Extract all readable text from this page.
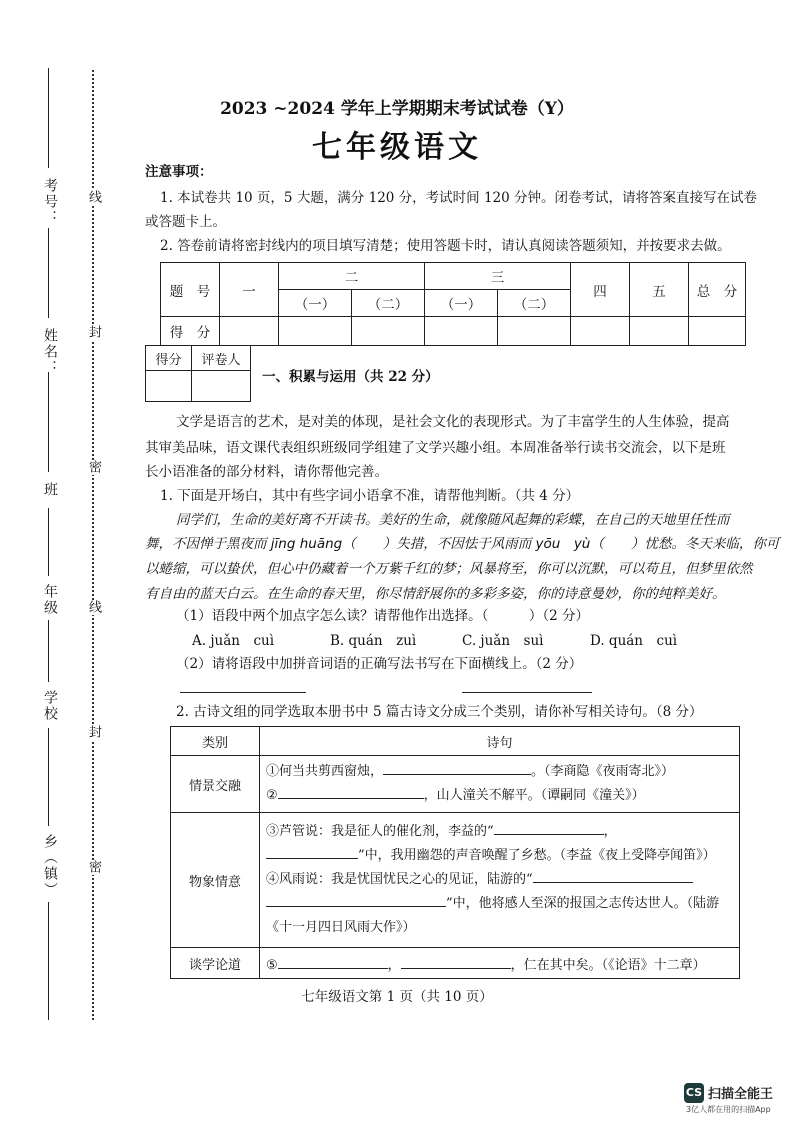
考号：
姓名：
班
年级
学校
乡（镇）
线
封
密
线
封
密
2023 ~2024 学年上学期期末考试试卷（Y）
七年级语文
注意事项：
1. 本试卷共 10 页，5 大题，满分 120 分，考试时间 120 分钟。闭卷考试，请将答案直接写在试卷
或答题卡上。
2. 答卷前请将密封线内的项目填写清楚；使用答题卡时，请认真阅读答题须知，并按要求去做。
题　号	一	二		三		四	五	总　分
		（一）	（二）	（一）	（二）			
得　分								
得分	评卷人

一、积累与运用（共 22 分）
文学是语言的艺术，是对美的体现，是社会文化的表现形式。为了丰富学生的人生体验，提高
其审美品味，语文课代表组织班级同学组建了文学兴趣小组。本周准备举行读书交流会，以下是班
长小语准备的部分材料，请你帮他完善。
1. 下面是开场白，其中有些字词小语拿不准，请帮他判断。（共 4 分）
同学们，生命的美好离不开读书。美好的生命，就像随风起舞的彩蝶，在自己的天地里任性而
舞，不因惮于黑夜而 jīng huāng（　　）失措，不因怯于风雨而 yōu　yù（　　）忧愁。冬天来临，你可
以蜷缩，可以蛰伏，但心中仍藏着一个万紫千红的梦；风暴将至，你可以沉默，可以苟且，但梦里依然
有自由的蓝天白云。在生命的春天里，你尽情舒展你的多彩多姿，你的诗意曼妙，你的纯粹美好。
（1）语段中两个加点字怎么读？请帮他作出选择。（　　　）（2 分）
A. juǎn　cuì	B. quán　zuì	C. juǎn　suì	D. quán　cuì
（2）请将语段中加拼音词语的正确写法书写在下面横线上。（2 分）
2. 古诗文组的同学选取本册书中 5 篇古诗文分成三个类别，请你补写相关诗句。（8 分）
类别	诗句
情景交融	①何当共剪西窗烛， 。（李商隐《夜雨寄北》）
② ，山人潼关不解平。（谭嗣同《潼关》）

物象情意	③芦管说：我是征人的催化剂，李益的“ ，
”中，我用幽怨的声音唤醒了乡愁。（李益《夜上受降亭闻笛》）
④风雨说：我是忧国忧民之心的见证，陆游的“
”中，他将感人至深的报国之志传达世人。（陆游
《十一月四日风雨大作》）

谈学论道	⑤ ， ，仁在其中矣。（《论语》十二章）
七年级语文第 1 页（共 10 页）
CS 扫描全能王
3亿人都在用的扫描App
